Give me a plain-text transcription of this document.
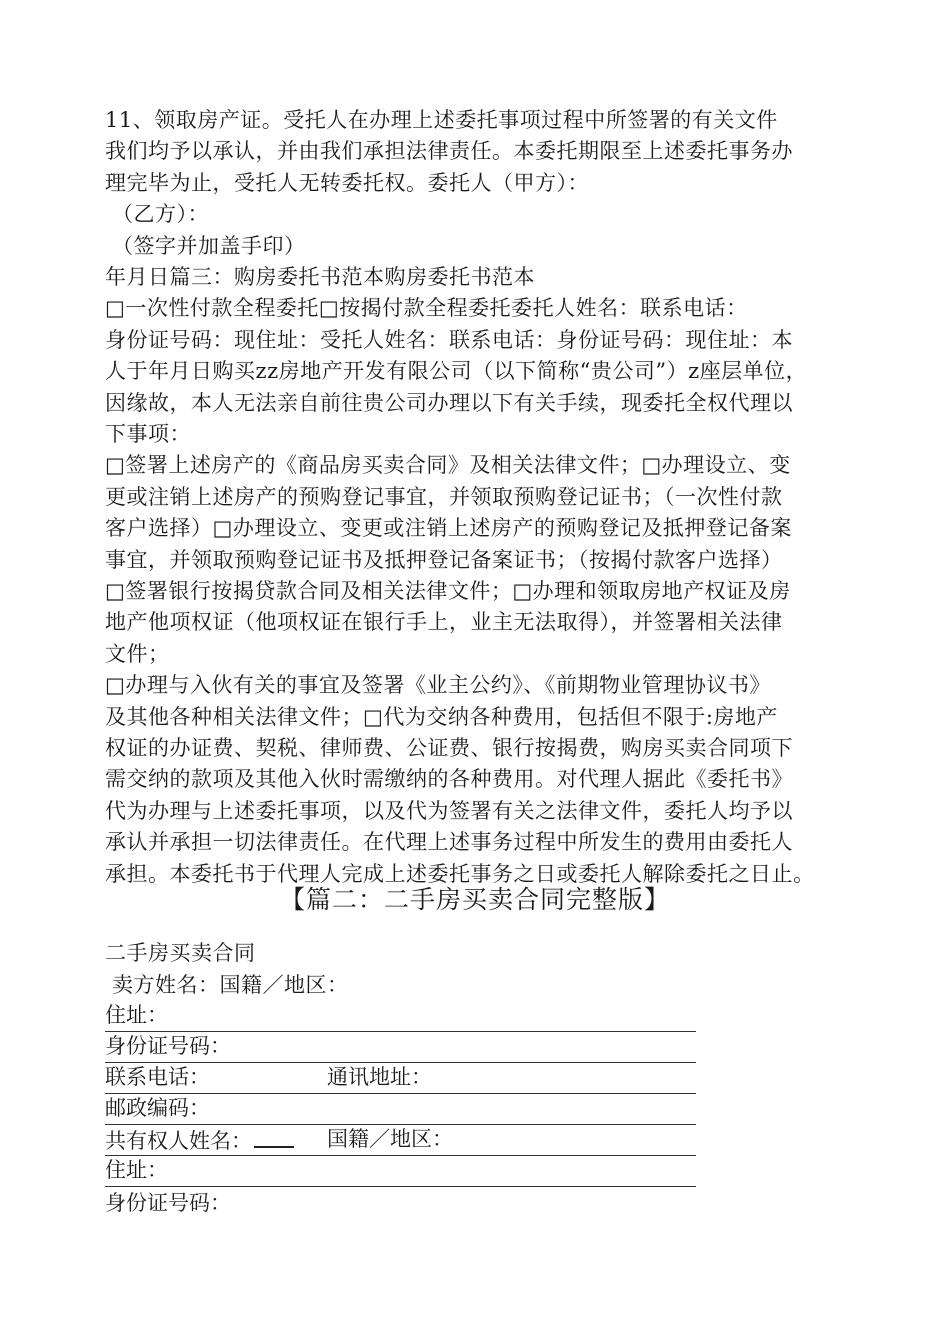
11、领取房产证。受托人在办理上述委托事项过程中所签署的有关文件
我们均予以承认，并由我们承担法律责任。本委托期限至上述委托事务办
理完毕为止，受托人无转委托权。委托人（甲方）：
（乙方）：
（签字并加盖手印）
年月日篇三：购房委托书范本购房委托书范本
□一次性付款全程委托□按揭付款全程委托委托人姓名：联系电话：
身份证号码：现住址：受托人姓名：联系电话：身份证号码：现住址：本
人于年月日购买zz房地产开发有限公司（以下简称“贵公司”）z座层单位，
因缘故，本人无法亲自前往贵公司办理以下有关手续，现委托全权代理以
下事项：
□签署上述房产的《商品房买卖合同》及相关法律文件；□办理设立、变
更或注销上述房产的预购登记事宜，并领取预购登记证书；（一次性付款
客户选择）□办理设立、变更或注销上述房产的预购登记及抵押登记备案
事宜，并领取预购登记证书及抵押登记备案证书；（按揭付款客户选择）
□签署银行按揭贷款合同及相关法律文件；□办理和领取房地产权证及房
地产他项权证（他项权证在银行手上，业主无法取得），并签署相关法律
文件；
□办理与入伙有关的事宜及签署《业主公约》、《前期物业管理协议书》
及其他各种相关法律文件；□代为交纳各种费用，包括但不限于:房地产
权证的办证费、契税、律师费、公证费、银行按揭费，购房买卖合同项下
需交纳的款项及其他入伙时需缴纳的各种费用。对代理人据此《委托书》
代为办理与上述委托事项，以及代为签署有关之法律文件，委托人均予以
承认并承担一切法律责任。在代理上述事务过程中所发生的费用由委托人
承担。本委托书于代理人完成上述委托事务之日或委托人解除委托之日止。
【篇二：二手房买卖合同完整版】
二手房买卖合同
卖方姓名：国籍／地区：
住址：
身份证号码：
联系电话：	通讯地址：
邮政编码：
共有权人姓名：	国籍／地区：
住址：
身份证号码：
